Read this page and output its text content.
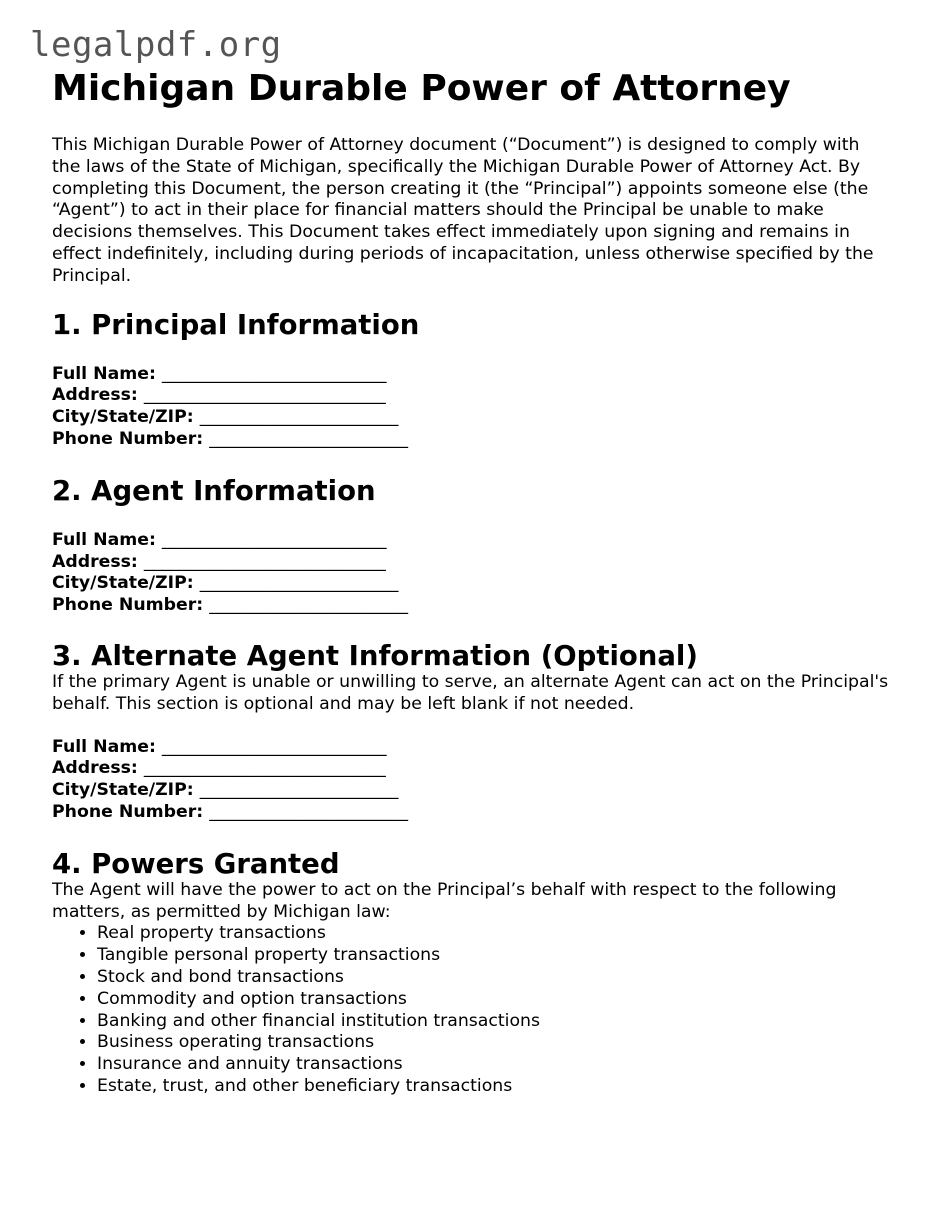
legalpdf.org
Michigan Durable Power of Attorney

This Michigan Durable Power of Attorney document (“Document”) is designed to comply with the laws of the State of Michigan, specifically the Michigan Durable Power of Attorney Act. By completing this Document, the person creating it (the “Principal”) appoints someone else (the “Agent”) to act in their place for financial matters should the Principal be unable to make decisions themselves. This Document takes effect immediately upon signing and remains in effect indefinitely, including during periods of incapacitation, unless otherwise specified by the Principal.

1. Principal Information
Full Name: __________________________
Address: ____________________________
City/State/ZIP: _______________________
Phone Number: _______________________
2. Agent Information
Full Name: __________________________
Address: ____________________________
City/State/ZIP: _______________________
Phone Number: _______________________
3. Alternate Agent Information (Optional)

If the primary Agent is unable or unwilling to serve, an alternate Agent can act on the Principal's behalf. This section is optional and may be left blank if not needed.

Full Name: __________________________
Address: ____________________________
City/State/ZIP: _______________________
Phone Number: _______________________
4. Powers Granted

The Agent will have the power to act on the Principal’s behalf with respect to the following matters, as permitted by Michigan law:

• Real property transactions
• Tangible personal property transactions
• Stock and bond transactions
• Commodity and option transactions
• Banking and other financial institution transactions
• Business operating transactions
• Insurance and annuity transactions
• Estate, trust, and other beneficiary transactions
